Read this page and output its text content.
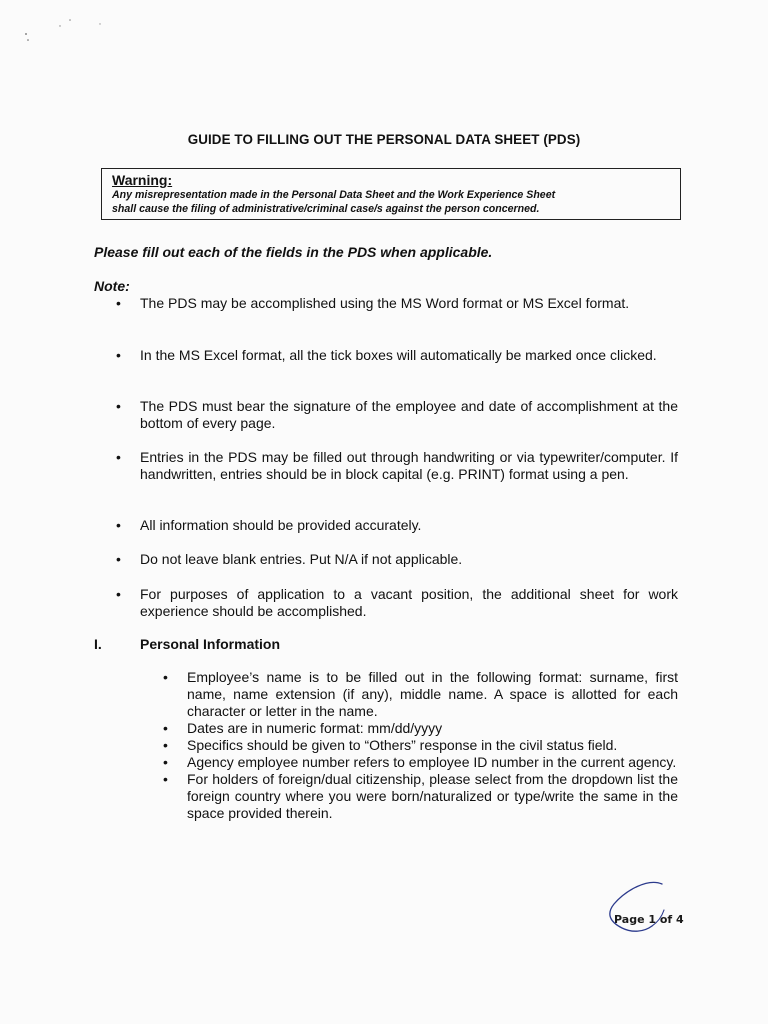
GUIDE TO FILLING OUT THE PERSONAL DATA SHEET (PDS)
Warning:
Any misrepresentation made in the Personal Data Sheet and the Work Experience Sheet
shall cause the filing of administrative/criminal case/s against the person concerned.
Please fill out each of the fields in the PDS when applicable.
Note:
•	The PDS may be accomplished using the MS Word format or MS Excel format.
•	In the MS Excel format, all the tick boxes will automatically be marked once clicked.
•	The PDS must bear the signature of the employee and date of accomplishment at the bottom of every page.
•	Entries in the PDS may be filled out through handwriting or via typewriter/computer. If handwritten, entries should be in block capital (e.g. PRINT) format using a pen.
•	All information should be provided accurately.
•	Do not leave blank entries. Put N/A if not applicable.
•	For purposes of application to a vacant position, the additional sheet for work experience should be accomplished.
I.	Personal Information
• Employee’s name is to be filled out in the following format: surname, first name, name extension (if any), middle name. A space is allotted for each character or letter in the name.
• Dates are in numeric format: mm/dd/yyyy
• Specifics should be given to “Others” response in the civil status field.
• Agency employee number refers to employee ID number in the current agency.
• For holders of foreign/dual citizenship, please select from the dropdown list the foreign country where you were born/naturalized or type/write the same in the space provided therein.
Page 1 of 4
